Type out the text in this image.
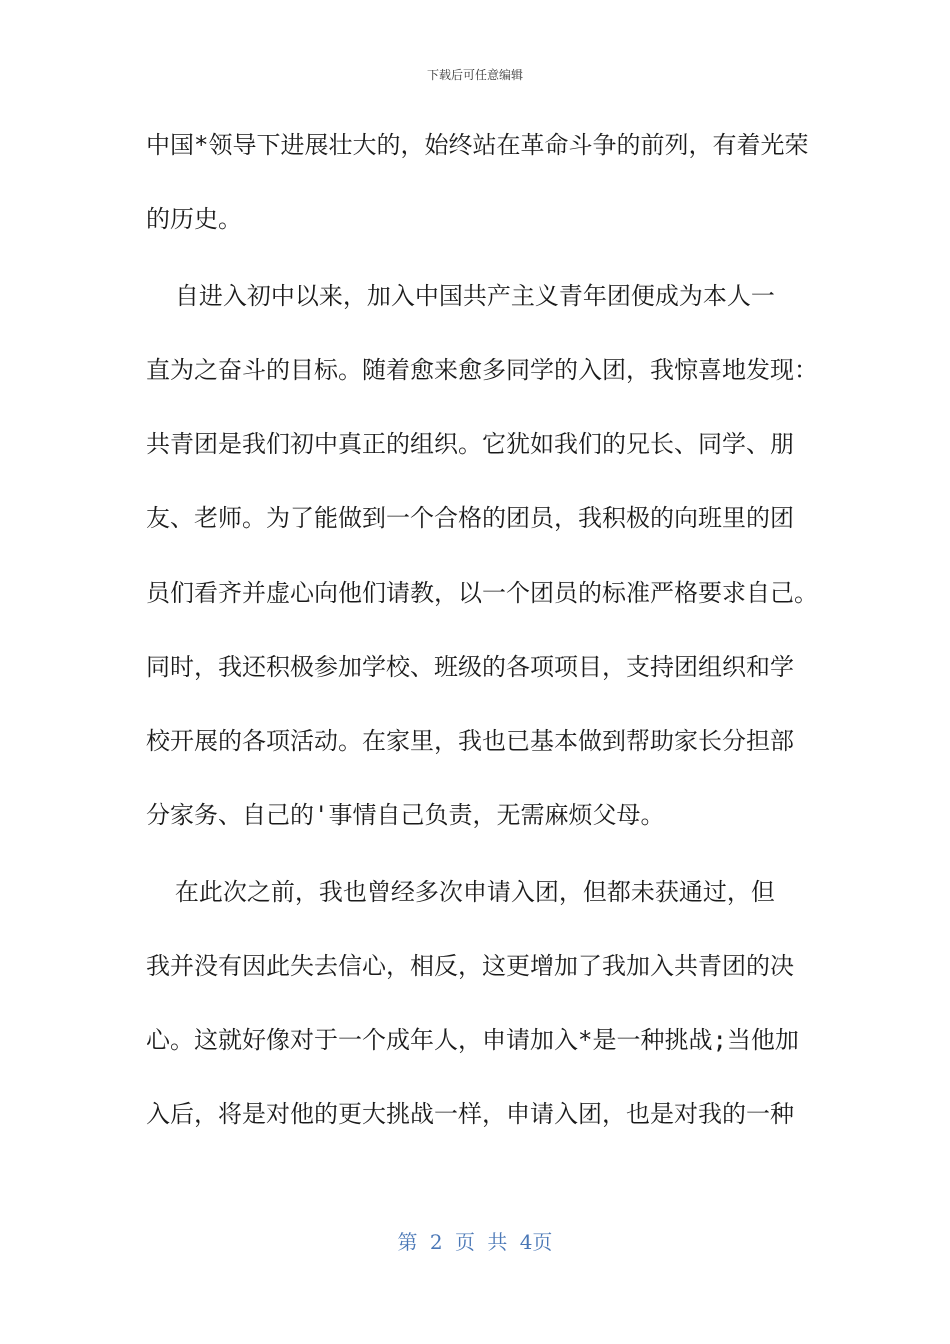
下载后可任意编辑
中国*领导下进展壮大的，始终站在革命斗争的前列，有着光荣
的历史。
自进入初中以来，加入中国共产主义青年团便成为本人一
直为之奋斗的目标。随着愈来愈多同学的入团，我惊喜地发现：
共青团是我们初中真正的组织。它犹如我们的兄长、同学、朋
友、老师。为了能做到一个合格的团员，我积极的向班里的团
员们看齐并虚心向他们请教，以一个团员的标准严格要求自己。
同时，我还积极参加学校、班级的各项项目，支持团组织和学
校开展的各项活动。在家里，我也已基本做到帮助家长分担部
分家务、自己的'事情自己负责，无需麻烦父母。
在此次之前，我也曾经多次申请入团，但都未获通过，但
我并没有因此失去信心，相反，这更增加了我加入共青团的决
心。这就好像对于一个成年人，申请加入*是一种挑战;当他加
入后，将是对他的更大挑战一样，申请入团，也是对我的一种
第 2 页 共 4页
